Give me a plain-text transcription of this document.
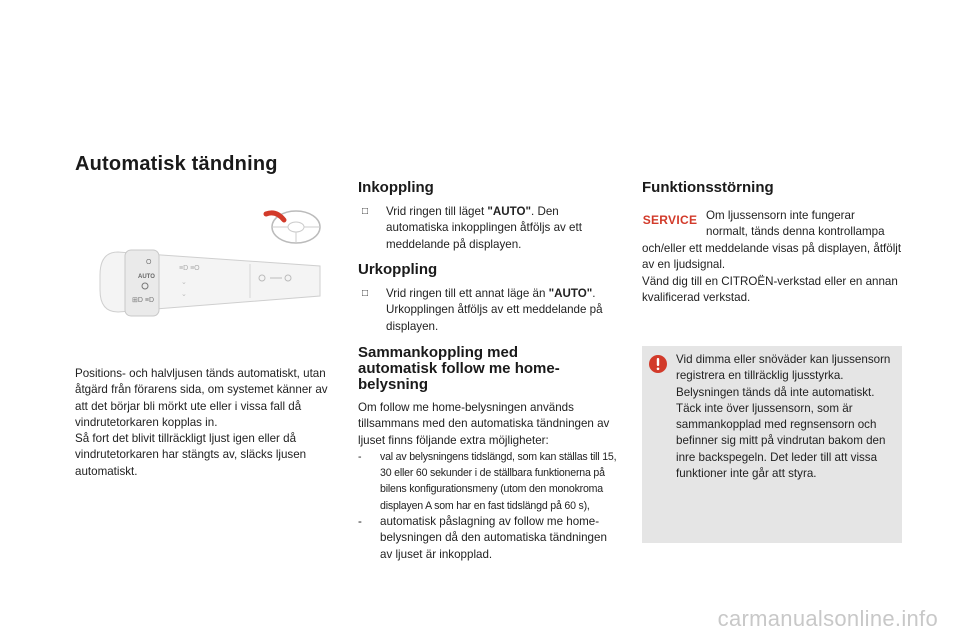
Automatisk tändning
≡D ≡O
⌄
⌄
O
AUTO
⊞D ≡D
Positions- och halvljusen tänds automatiskt, utan åtgärd från förarens sida, om systemet känner av att det börjar bli mörkt ute eller i vissa fall då vindrutetorkaren kopplas in.
Så fort det blivit tillräckligt ljust igen eller då vindrutetorkaren har stängts av, släcks ljusen automatiskt.
Inkoppling
□	Vrid ringen till läget "AUTO". Den automatiska inkopplingen åtföljs av ett meddelande på displayen.
Urkoppling
□	Vrid ringen till ett annat läge än "AUTO". Urkopplingen åtföljs av ett meddelande på displayen.
Sammankoppling med
automatisk follow me home-
belysning
Om follow me home-belysningen används tillsammans med den automatiska tändningen av ljuset finns följande extra möjligheter:
-	val av belysningens tidslängd, som kan ställas till 15, 30 eller 60 sekunder i de ställbara funktionerna på bilens konfigurationsmeny (utom den monokroma displayen A som har en fast tidslängd på 60 s),
-	automatisk påslagning av follow me home-belysningen då den automatiska tändningen av ljuset är inkopplad.
Funktionsstörning
SERVICE Om ljussensorn inte fungerar
normalt, tänds denna kontrollampa
och/eller ett meddelande visas på displayen, åtföljt av en ljudsignal.
Vänd dig till en CITROËN-verkstad eller en annan kvalificerad verkstad.
Vid dimma eller snöväder kan ljussensorn registrera en tillräcklig ljusstyrka. Belysningen tänds då inte automatiskt.
Täck inte över ljussensorn, som är sammankopplad med regnsensorn och befinner sig mitt på vindrutan bakom den inre backspegeln. Det leder till att vissa funktioner inte går att styra.
carmanualsonline.info
